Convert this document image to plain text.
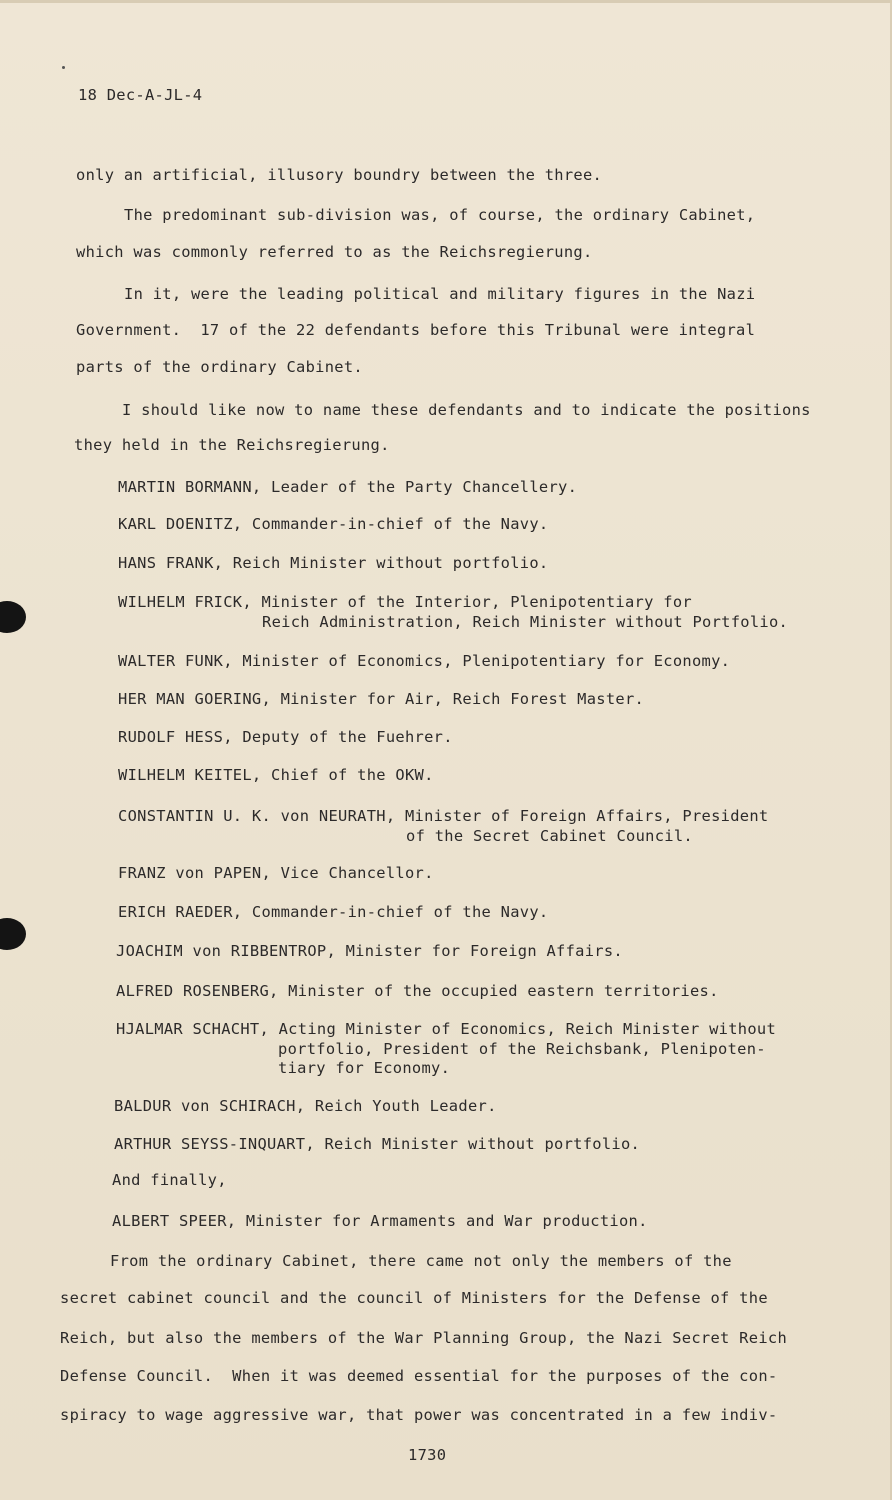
18 Dec-A-JL-4

only an artificial, illusory boundry between the three.

The predominant sub-division was, of course, the ordinary Cabinet,

which was commonly referred to as the Reichsregierung.

In it, were the leading political and military figures in the Nazi

Government.  17 of the 22 defendants before this Tribunal were integral

parts of the ordinary Cabinet.

I should like now to name these defendants and to indicate the positions

they held in the Reichsregierung.

MARTIN BORMANN, Leader of the Party Chancellery.

KARL DOENITZ, Commander-in-chief of the Navy.

HANS FRANK, Reich Minister without portfolio.

WILHELM FRICK, Minister of the Interior, Plenipotentiary for

Reich Administration, Reich Minister without Portfolio.

WALTER FUNK, Minister of Economics, Plenipotentiary for Economy.

HER MAN GOERING, Minister for Air, Reich Forest Master.

RUDOLF HESS, Deputy of the Fuehrer.

WILHELM KEITEL, Chief of the OKW.

CONSTANTIN U. K. von NEURATH, Minister of Foreign Affairs, President

of the Secret Cabinet Council.

FRANZ von PAPEN, Vice Chancellor.

ERICH RAEDER, Commander-in-chief of the Navy.

JOACHIM von RIBBENTROP, Minister for Foreign Affairs.

ALFRED ROSENBERG, Minister of the occupied eastern territories.

HJALMAR SCHACHT, Acting Minister of Economics, Reich Minister without

portfolio, President of the Reichsbank, Plenipoten-

tiary for Economy.

BALDUR von SCHIRACH, Reich Youth Leader.

ARTHUR SEYSS-INQUART, Reich Minister without portfolio.

And finally,

ALBERT SPEER, Minister for Armaments and War production.

From the ordinary Cabinet, there came not only the members of the

secret cabinet council and the council of Ministers for the Defense of the

Reich, but also the members of the War Planning Group, the Nazi Secret Reich

Defense Council.  When it was deemed essential for the purposes of the con-

spiracy to wage aggressive war, that power was concentrated in a few indiv-

1730
